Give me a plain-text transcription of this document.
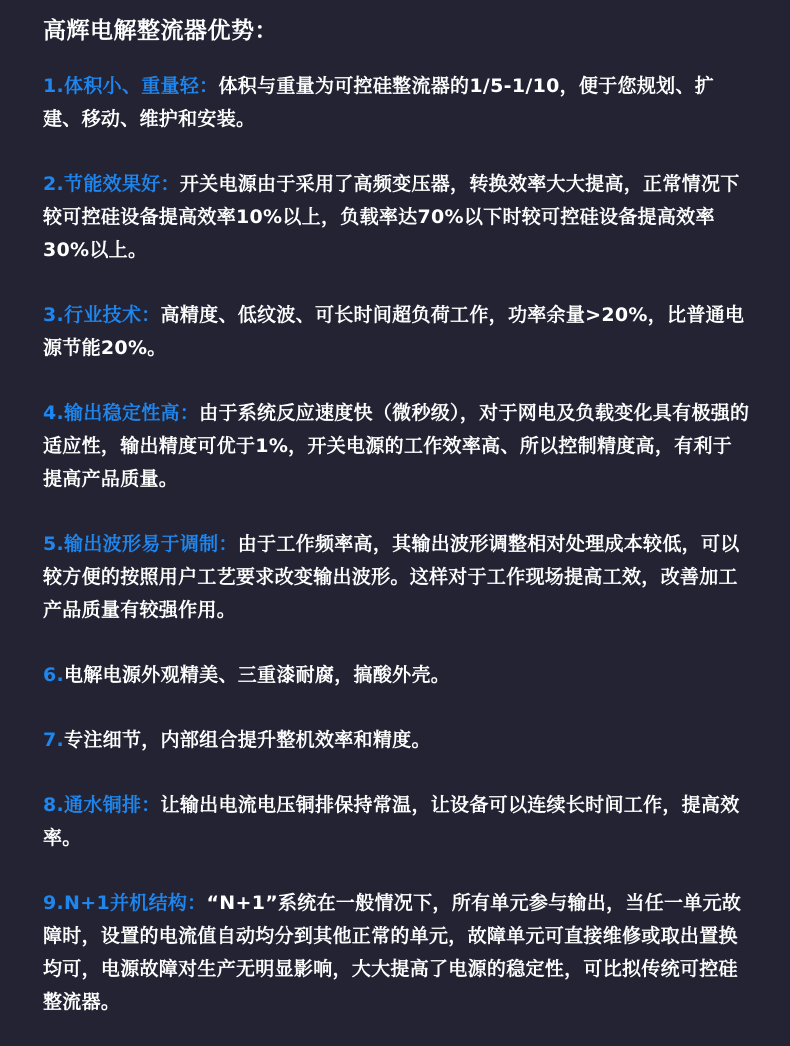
高辉电解整流器优势：

1.体积小、重量轻：体积与重量为可控硅整流器的1/5-1/10，便于您规划、扩建、移动、维护和安装。

2.节能效果好：开关电源由于采用了高频变压器，转换效率大大提高，正常情况下较可控硅设备提高效率10%以上，负载率达70%以下时较可控硅设备提高效率30%以上。

3.行业技术：高精度、低纹波、可长时间超负荷工作，功率余量>20%，比普通电源节能20%。

4.输出稳定性高：由于系统反应速度快（微秒级），对于网电及负载变化具有极强的适应性，输出精度可优于1%，开关电源的工作效率高、所以控制精度高，有利于提高产品质量。

5.输出波形易于调制：由于工作频率高，其输出波形调整相对处理成本较低，可以较方便的按照用户工艺要求改变输出波形。这样对于工作现场提高工效，改善加工产品质量有较强作用。

6.电解电源外观精美、三重漆耐腐，搞酸外壳。

7.专注细节，内部组合提升整机效率和精度。

8.通水铜排：让输出电流电压铜排保持常温，让设备可以连续长时间工作，提高效率。

9.N+1并机结构：“N+1”系统在一般情况下，所有单元参与输出，当任一单元故障时，设置的电流值自动均分到其他正常的单元，故障单元可直接维修或取出置换均可，电源故障对生产无明显影响，大大提高了电源的稳定性，可比拟传统可控硅整流器。
